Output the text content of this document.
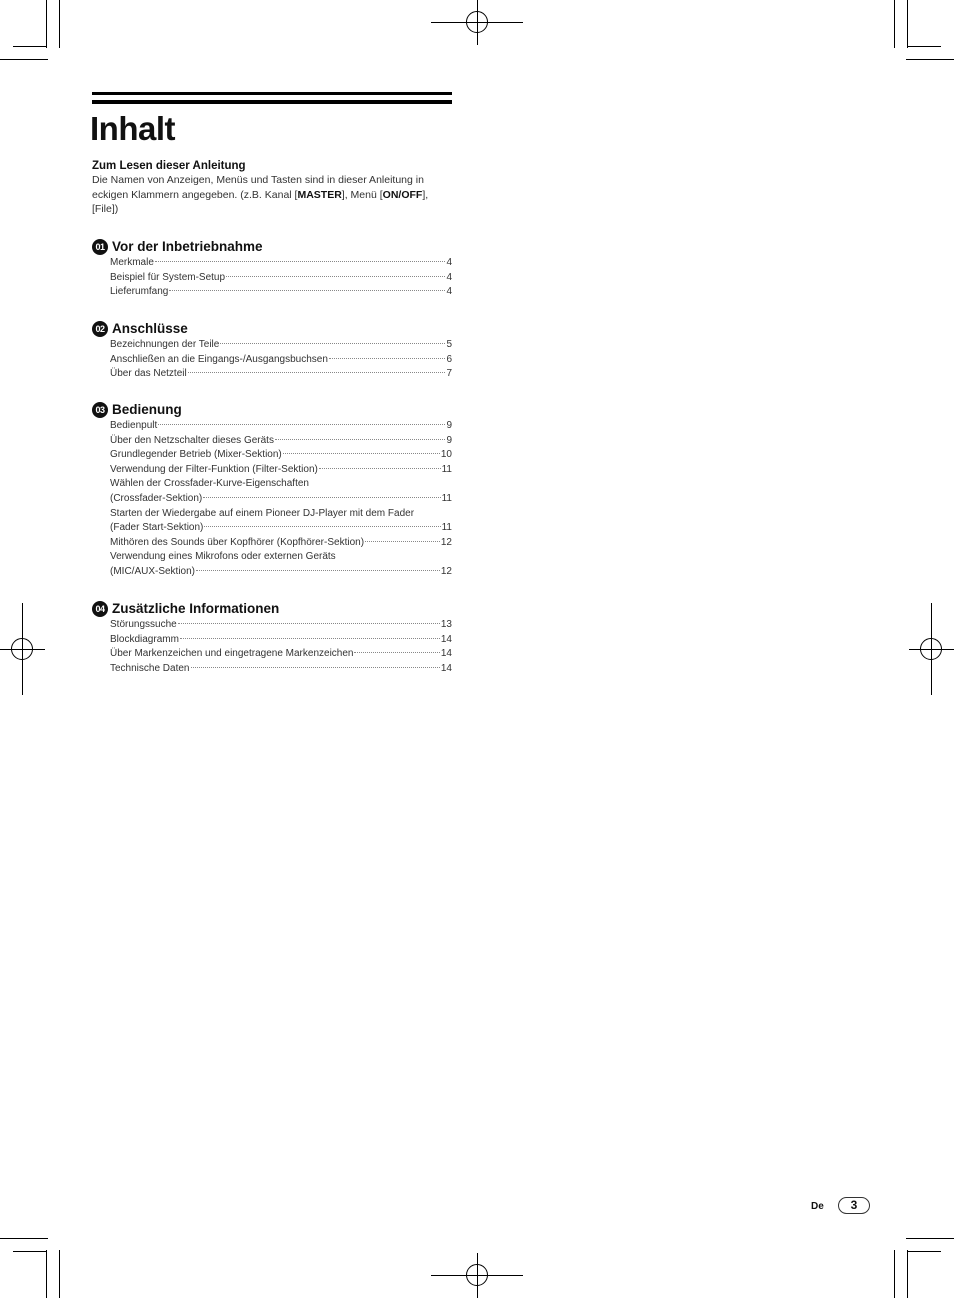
Inhalt
Zum Lesen dieser Anleitung

Die Namen von Anzeigen, Menüs und Tasten sind in dieser Anleitung in eckigen Klammern angegeben. (z.B. Kanal [MASTER], Menü [ON/OFF], [File])

01 Vor der Inbetriebnahme
Merkmale	4
Beispiel für System-Setup	4
Lieferumfang	4
02 Anschlüsse
Bezeichnungen der Teile	5
Anschließen an die Eingangs-/Ausgangsbuchsen	6
Über das Netzteil	7
03 Bedienung
Bedienpult	9
Über den Netzschalter dieses Geräts	9
Grundlegender Betrieb (Mixer-Sektion)	10
Verwendung der Filter-Funktion (Filter-Sektion)	11
Wählen der Crossfader-Kurve-Eigenschaften
(Crossfader-Sektion)	11
Starten der Wiedergabe auf einem Pioneer DJ-Player mit dem Fader
(Fader Start-Sektion)	11
Mithören des Sounds über Kopfhörer (Kopfhörer-Sektion)	12
Verwendung eines Mikrofons oder externen Geräts
(MIC/AUX-Sektion)	12
04 Zusätzliche Informationen
Störungssuche	13
Blockdiagramm	14
Über Markenzeichen und eingetragene Markenzeichen	14
Technische Daten	14
De	3
